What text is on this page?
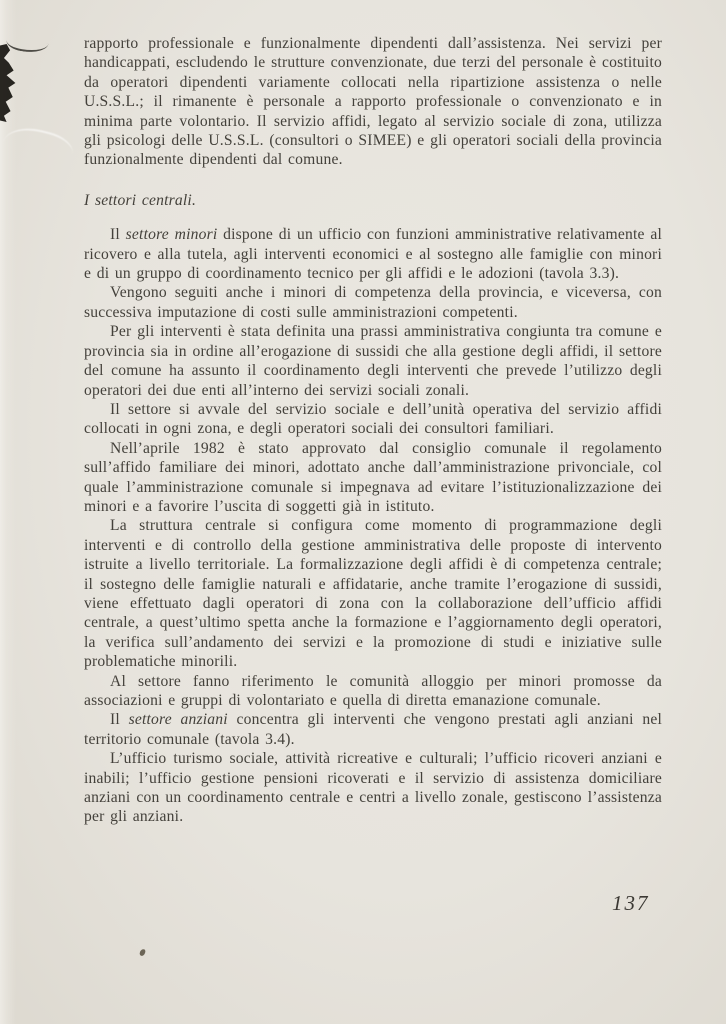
rapporto professionale e funzionalmente dipendenti dall’assistenza. Nei servizi per handicappati, escludendo le strutture convenzionate, due terzi del personale è costituito da operatori dipendenti variamente collocati nella ripartizione assistenza o nelle U.S.S.L.; il rimanente è personale a rapporto professionale o convenzionato e in minima parte volontario. Il servizio affidi, legato al servizio sociale di zona, utilizza gli psicologi delle U.S.S.L. (consultori o SIMEE) e gli operatori sociali della provincia funzionalmente dipendenti dal comune.

I settori centrali.

Il settore minori dispone di un ufficio con funzioni amministrative relativamente al ricovero e alla tutela, agli interventi economici e al sostegno alle famiglie con minori e di un gruppo di coordinamento tecnico per gli affidi e le adozioni (tavola 3.3).

Vengono seguiti anche i minori di competenza della provincia, e viceversa, con successiva imputazione di costi sulle amministrazioni competenti.

Per gli interventi è stata definita una prassi amministrativa congiunta tra comune e provincia sia in ordine all’erogazione di sussidi che alla gestione degli affidi, il settore del comune ha assunto il coordinamento degli interventi che prevede l’utilizzo degli operatori dei due enti all’interno dei servizi sociali zonali.

Il settore si avvale del servizio sociale e dell’unità operativa del servizio affidi collocati in ogni zona, e degli operatori sociali dei consultori familiari.

Nell’aprile 1982 è stato approvato dal consiglio comunale il regolamento sull’affido familiare dei minori, adottato anche dall’amministrazione privonciale, col quale l’amministrazione comunale si impegnava ad evitare l’istituzionalizzazione dei minori e a favorire l’uscita di soggetti già in istituto.

La struttura centrale si configura come momento di programmazione degli interventi e di controllo della gestione amministrativa delle proposte di intervento istruite a livello territoriale. La formalizzazione degli affidi è di competenza centrale; il sostegno delle famiglie naturali e affidatarie, anche tramite l’erogazione di sussidi, viene effettuato dagli operatori di zona con la collaborazione dell’ufficio affidi centrale, a quest’ultimo spetta anche la formazione e l’aggiornamento degli operatori, la verifica sull’andamento dei servizi e la promozione di studi e iniziative sulle problematiche minorili.

Al settore fanno riferimento le comunità alloggio per minori promosse da associazioni e gruppi di volontariato e quella di diretta emanazione comunale.

Il settore anziani concentra gli interventi che vengono prestati agli anziani nel territorio comunale (tavola 3.4).

L’ufficio turismo sociale, attività ricreative e culturali; l’ufficio ricoveri anziani e inabili; l’ufficio gestione pensioni ricoverati e il servizio di assistenza domiciliare anziani con un coordinamento centrale e centri a livello zonale, gestiscono l’assistenza per gli anziani.

137
